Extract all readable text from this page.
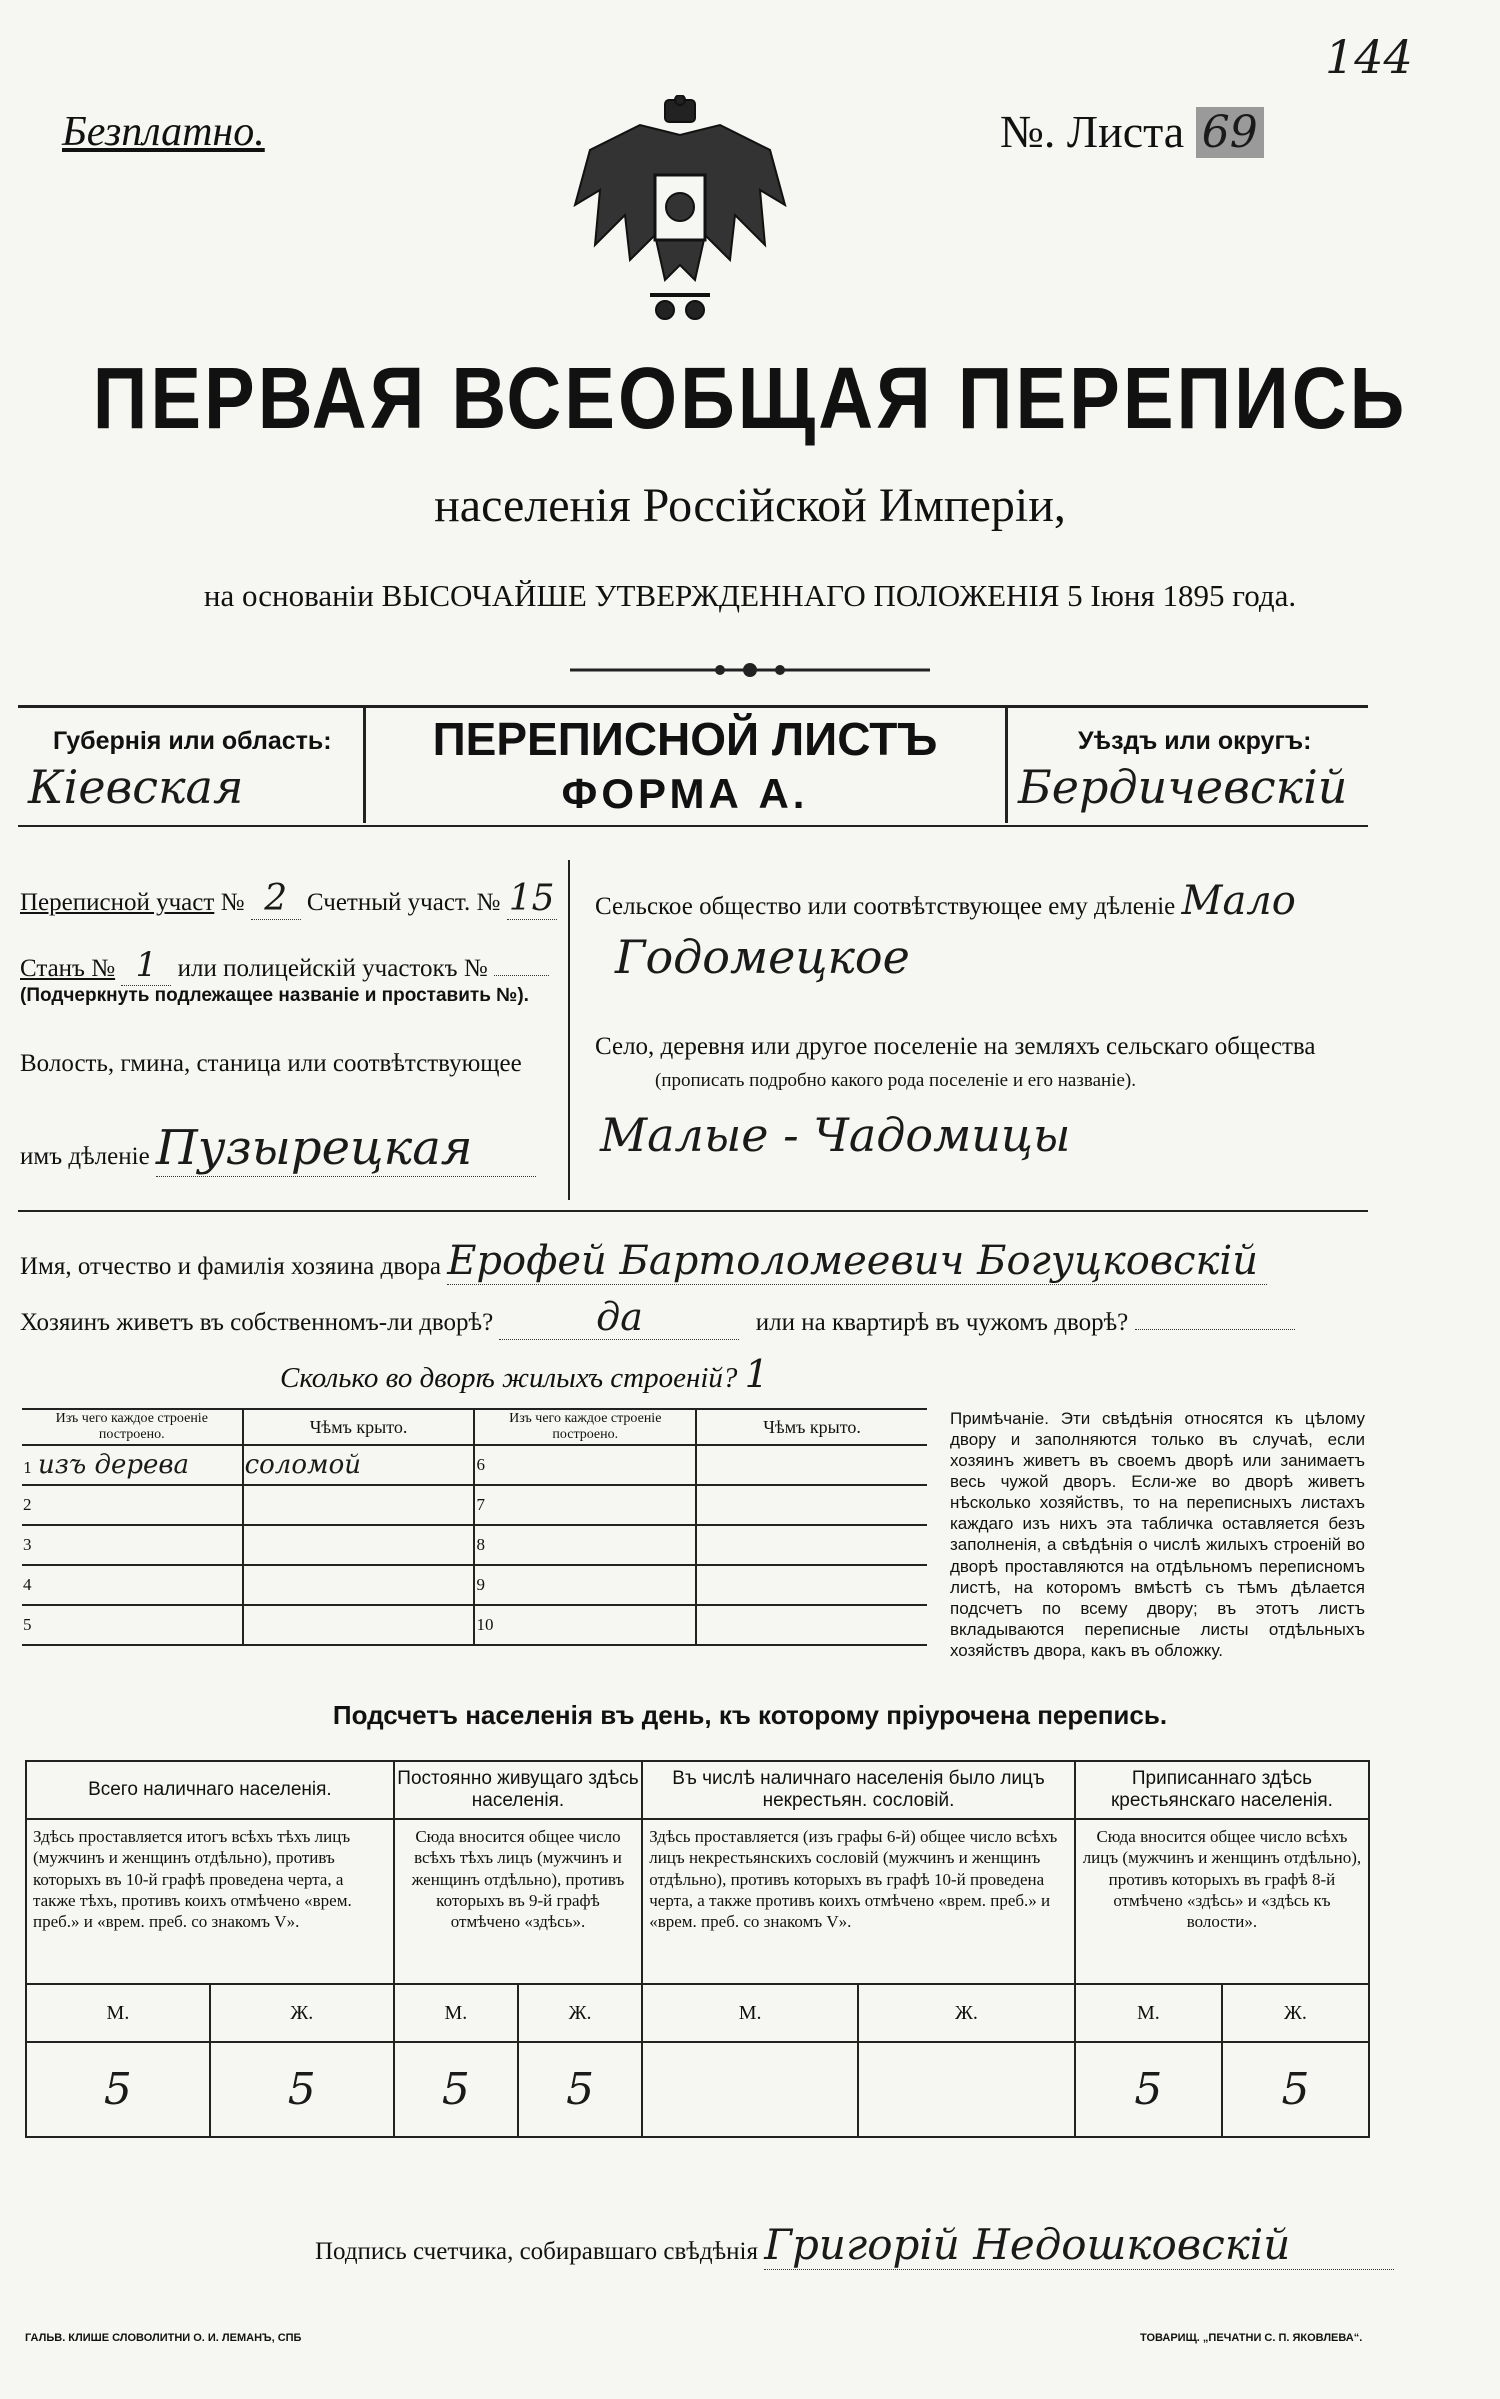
144
Безплатно.	№. Листа 69
ПЕРВАЯ ВСЕОБЩАЯ ПЕРЕПИСЬ
населенія Россійской Имперіи,
на основаніи ВЫСОЧАЙШЕ УТВЕРЖДЕННАГО ПОЛОЖЕНІЯ 5 Іюня 1895 года.
Губернія или область:
Кіевская
ПЕРЕПИСНОЙ ЛИСТЪ
ФОРМА А.
Уѣздъ или округъ:
Бердичевскій
Переписной участ № 2 Счетный участ. № 15
Станъ № 1 или полицейскій участокъ №
(Подчеркнуть подлежащее названіе и проставить №).
Волость, гмина, станица или соотвѣтствующее
имъ дѣленіе Пузырецкая
Сельское общество или соотвѣтствующее ему дѣленіе Мало
Годомецкое
Село, деревня или другое поселеніе на земляхъ сельскаго общества
(прописать подробно какого рода поселеніе и его названіе).
Малые - Чадомицы
Имя, отчество и фамилія хозяина двора Ерофей Бартоломеевич Богуцковскій
Хозяинъ живетъ въ собственномъ-ли дворѣ?	да	или на квартирѣ въ чужомъ дворѣ?
Сколько во дворѣ жилыхъ строеній? 1
Изъ чего каждое строеніе построено.	Чѣмъ крыто.	Изъ чего каждое строеніе построено.	Чѣмъ крыто.
1 изъ дерева	соломой	6	
2		7	
3		8	
4		9	
5		10	
Примѣчаніе. Эти свѣдѣнія относятся къ цѣлому двору и заполняются только въ случаѣ, если хозяинъ живетъ въ своемъ дворѣ или занимаетъ весь чужой дворъ. Если-же во дворѣ живетъ нѣсколько хозяйствъ, то на переписныхъ листахъ каждаго изъ нихъ эта табличка оставляется безъ заполненія, а свѣдѣнія о числѣ жилыхъ строеній во дворѣ проставляются на отдѣльномъ переписномъ листѣ, на которомъ вмѣстѣ съ тѣмъ дѣлается подсчетъ по всему двору; въ этотъ листъ вкладываются переписные листы отдѣльныхъ хозяйствъ двора, какъ въ обложку.
Подсчетъ населенія въ день, къ которому пріурочена перепись.
Всего наличнаго населенія.		Постоянно живущаго здѣсь населенія.		Въ числѣ наличнаго населенія было лицъ некрестьян. сословій.		Приписаннаго здѣсь крестьянскаго населенія.	
Здѣсь проставляется итогъ всѣхъ тѣхъ лицъ (мужчинъ и женщинъ отдѣльно), противъ которыхъ въ 10-й графѣ проведена черта, а также тѣхъ, противъ коихъ отмѣчено «врем. преб.» и «врем. преб. со знакомъ V».		Сюда вносится общее число всѣхъ тѣхъ лицъ (мужчинъ и женщинъ отдѣльно), противъ которыхъ въ 9-й графѣ отмѣчено «здѣсь».		Здѣсь проставляется (изъ графы 6-й) общее число всѣхъ лицъ некрестьянскихъ сословій (мужчинъ и женщинъ отдѣльно), противъ которыхъ въ графѣ 10-й проведена черта, а также противъ коихъ отмѣчено «врем. преб.» и «врем. преб. со знакомъ V».		Сюда вносится общее число всѣхъ лицъ (мужчинъ и женщинъ отдѣльно), противъ которыхъ въ графѣ 8-й отмѣчено «здѣсь» и «здѣсь къ волости».	
М.	Ж.	М.	Ж.	М.	Ж.	М.	Ж.
5	5	5	5			5	5
Подпись счетчика, собиравшаго свѣдѣнія Григорій Недошковскій
ГАЛЬВ. КЛИШЕ СЛОВОЛИТНИ О. И. ЛЕМАНЪ, СПБ	ТОВАРИЩ. „ПЕЧАТНИ С. П. ЯКОВЛЕВА“.
